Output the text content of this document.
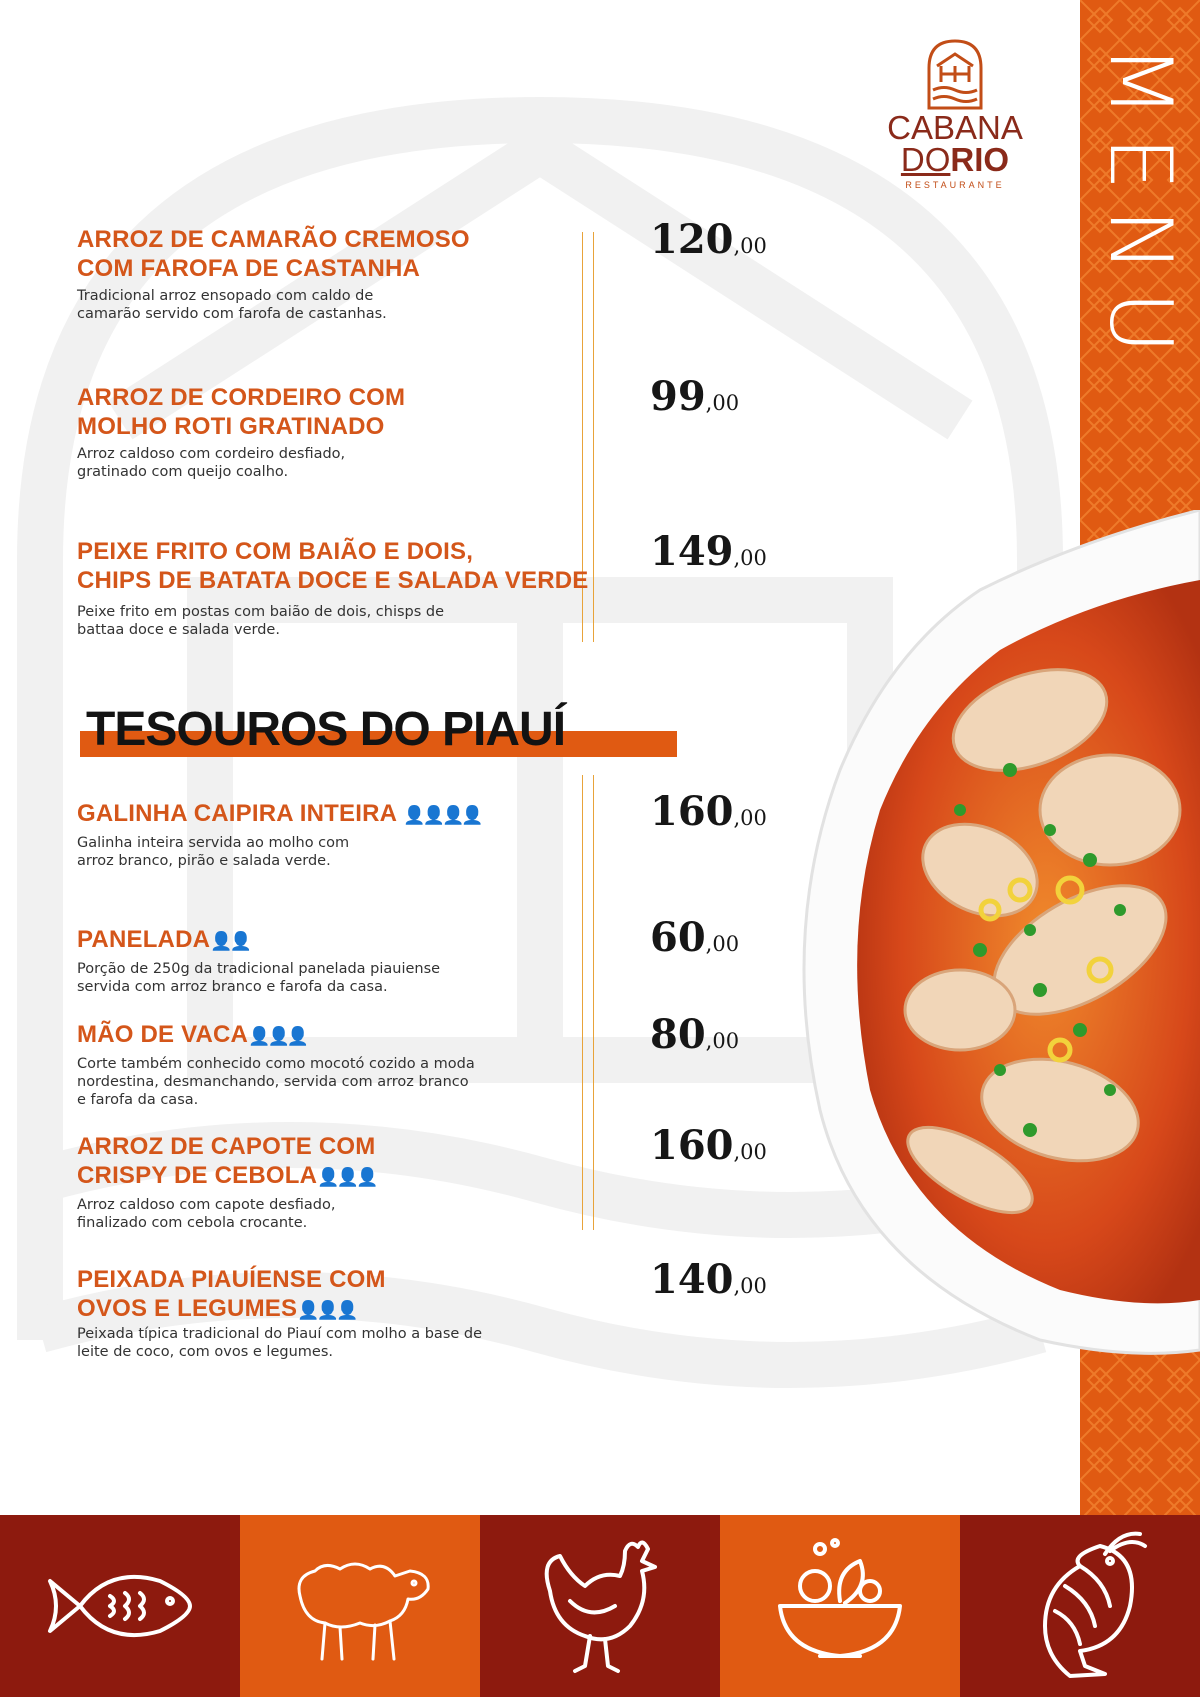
MENU
CABANA
DORIO
RESTAURANTE
ARROZ DE CAMARÃO CREMOSO
COM FAROFA DE CASTANHA
Tradicional arroz ensopado com caldo de
camarão servido com farofa de castanhas.
120,00
ARROZ DE CORDEIRO COM
MOLHO ROTI GRATINADO
Arroz caldoso com cordeiro desfiado,
gratinado com queijo coalho.
99,00
PEIXE FRITO COM BAIÃO E DOIS,
CHIPS DE BATATA DOCE E SALADA VERDE
Peixe frito em postas com baião de dois, chisps de
battaa doce e salada verde.
149,00
TESOUROS DO PIAUÍ
GALINHA CAIPIRA INTEIRA 👤👤👤👤
Galinha inteira servida ao molho com
arroz branco, pirão e salada verde.
160,00
PANELADA👤👤
Porção de 250g da tradicional panelada piauiense
servida com arroz branco e farofa da casa.
60,00
MÃO DE VACA👤👤👤
Corte também conhecido como mocotó cozido a moda
nordestina, desmanchando, servida com arroz branco
e farofa da casa.
80,00
ARROZ DE CAPOTE COM
CRISPY DE CEBOLA👤👤👤
Arroz caldoso com capote desfiado,
finalizado com cebola crocante.
160,00
PEIXADA PIAUÍENSE COM
OVOS E LEGUMES👤👤👤
Peixada típica tradicional do Piauí com molho a base de
leite de coco, com ovos e legumes.
140,00
